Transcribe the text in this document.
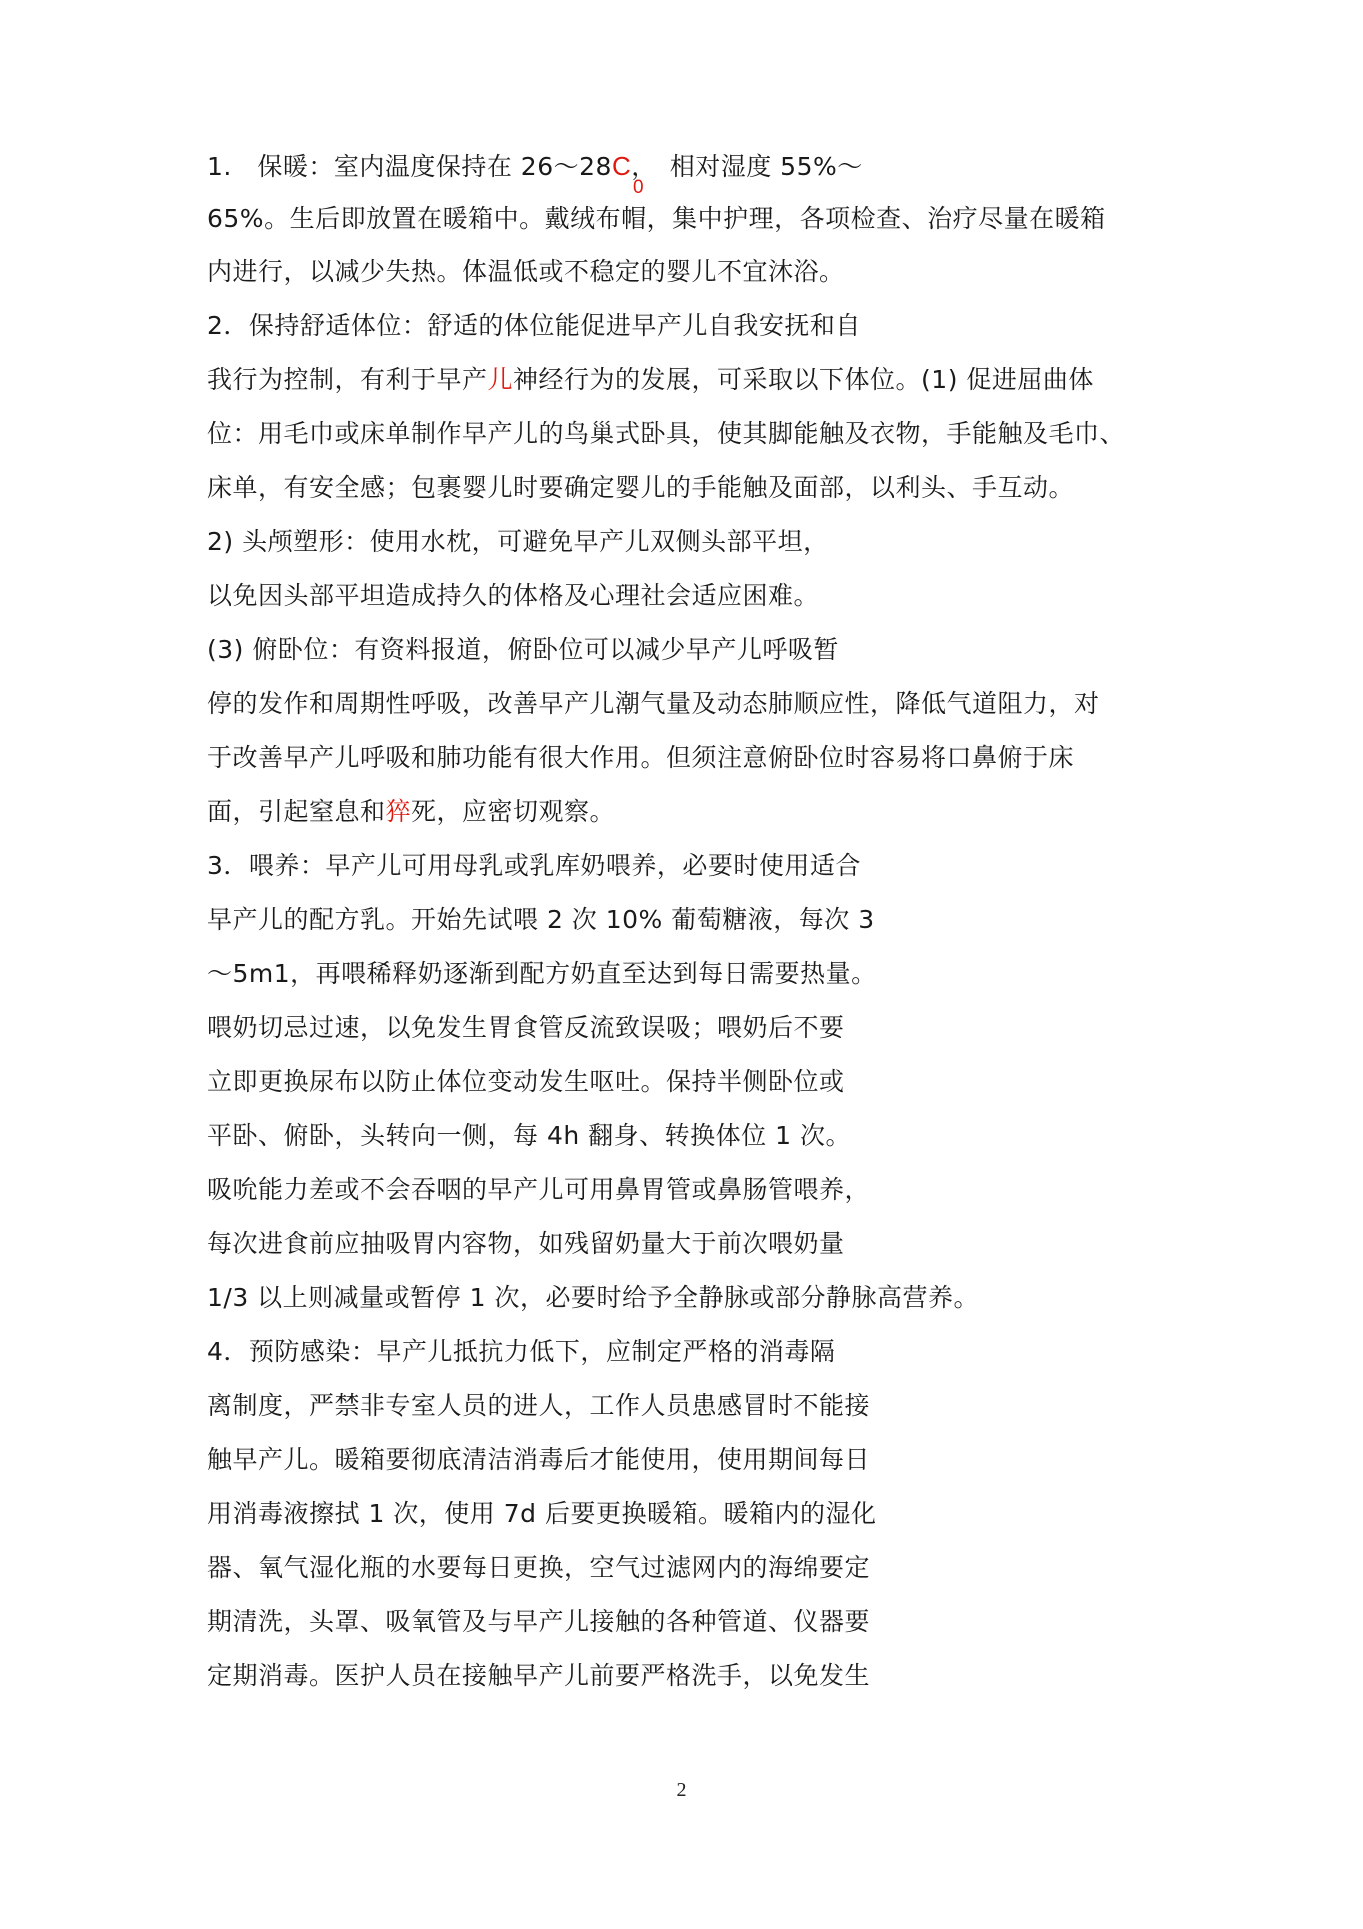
1.　保暖：室内温度保持在 26～28C，　相对湿度 55%～
0
65%。生后即放置在暖箱中。戴绒布帽，集中护理，各项检查、治疗尽量在暖箱
内进行，以减少失热。体温低或不稳定的婴儿不宜沐浴。
2．保持舒适体位：舒适的体位能促进早产儿自我安抚和自
我行为控制，有利于早产儿神经行为的发展，可采取以下体位。(1) 促进屈曲体
位：用毛巾或床单制作早产儿的鸟巢式卧具，使其脚能触及衣物，手能触及毛巾、
床单，有安全感；包裹婴儿时要确定婴儿的手能触及面部，以利头、手互动。
2) 头颅塑形：使用水枕，可避免早产儿双侧头部平坦，
以免因头部平坦造成持久的体格及心理社会适应困难。
(3) 俯卧位：有资料报道，俯卧位可以减少早产儿呼吸暂
停的发作和周期性呼吸，改善早产儿潮气量及动态肺顺应性，降低气道阻力，对
于改善早产儿呼吸和肺功能有很大作用。但须注意俯卧位时容易将口鼻俯于床
面，引起窒息和猝死，应密切观察。
3．喂养：早产儿可用母乳或乳库奶喂养，必要时使用适合
早产儿的配方乳。开始先试喂 2 次 10% 葡萄糖液，每次 3
～5m1，再喂稀释奶逐渐到配方奶直至达到每日需要热量。
喂奶切忌过速，以免发生胃食管反流致误吸；喂奶后不要
立即更换尿布以防止体位变动发生呕吐。保持半侧卧位或
平卧、俯卧，头转向一侧，每 4h 翻身、转换体位 1 次。
吸吮能力差或不会吞咽的早产儿可用鼻胃管或鼻肠管喂养，
每次进食前应抽吸胃内容物，如残留奶量大于前次喂奶量
1/3 以上则减量或暂停 1 次，必要时给予全静脉或部分静脉高营养。
4．预防感染：早产儿抵抗力低下，应制定严格的消毒隔
离制度，严禁非专室人员的进人，工作人员患感冒时不能接
触早产儿。暖箱要彻底清洁消毒后才能使用，使用期间每日
用消毒液擦拭 1 次，使用 7d 后要更换暖箱。暖箱内的湿化
器、氧气湿化瓶的水要每日更换，空气过滤网内的海绵要定
期清洗，头罩、吸氧管及与早产儿接触的各种管道、仪器要
定期消毒。医护人员在接触早产儿前要严格洗手，以免发生
2
